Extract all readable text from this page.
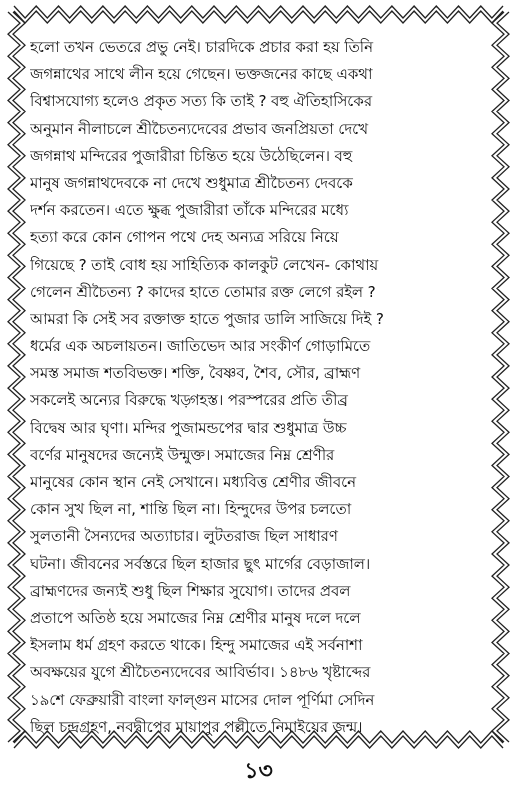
হলো তখন ভেতরে প্রভু নেই। চারদিকে প্রচার করা হয় তিনি
জগন্নাথের সাথে লীন হয়ে গেছেন। ভক্তজনের কাছে একথা
বিশ্বাসযোগ্য হলেও প্রকৃত সত্য কি তাই ? বহু ঐতিহাসিকের
অনুমান নীলাচলে শ্রীচৈতন্যদেবের প্রভাব জনপ্রিয়তা দেখে
জগন্নাথ মন্দিরের পুজারীরা চিন্তিত হয়ে উঠেছিলেন। বহু
মানুষ জগন্নাথদেবকে না দেখে শুধুমাত্র শ্রীচৈতন্য দেবকে
দর্শন করতেন। এতে ক্ষুব্ধ পুজারীরা তাঁকে মন্দিরের মধ্যে
হত্যা করে কোন গোপন পথে দেহ অন্যত্র সরিয়ে নিয়ে
গিয়েছে ? তাই বোধ হয় সাহিত্যিক কালকুট লেখেন- কোথায়
গেলেন শ্রীচৈতন্য ? কাদের হাতে তোমার রক্ত লেগে রইল ?
আমরা কি সেই সব রক্তাক্ত হাতে পুজার ডালি সাজিয়ে দিই ?
ধর্মের এক অচলায়তন। জাতিভেদ আর সংকীর্ণ গোড়ামিতে
সমস্ত সমাজ শতবিভক্ত। শক্তি, বৈষ্ণব, শৈব, সৌর, ব্রাহ্মণ
সকলেই অন্যের বিরুদ্ধে খড়্গহস্ত। পরস্পরের প্রতি তীব্র
বিদ্বেষ আর ঘৃণা। মন্দির পুজামন্ডপের দ্বার শুধুমাত্র উচ্চ
বর্ণের মানুষদের জন্যেই উন্মুক্ত। সমাজের নিম্ন শ্রেণীর
মানুষের কোন স্থান নেই সেখানে। মধ্যবিত্ত শ্রেণীর জীবনে
কোন সুখ ছিল না, শান্তি ছিল না। হিন্দুদের উপর চলতো
সুলতানী সৈন্যদের অত্যাচার। লুটতরাজ ছিল সাধারণ
ঘটনা। জীবনের সর্বস্তরে ছিল হাজার ছুৎ মার্গের বেড়াজাল।
ব্রাহ্মণদের জন্যই শুধু ছিল শিক্ষার সুযোগ। তাদের প্রবল
প্রতাপে অতিষ্ঠ হয়ে সমাজের নিম্ন শ্রেণীর মানুষ দলে দলে
ইসলাম ধর্ম গ্রহণ করতে থাকে। হিন্দু সমাজের এই সর্বনাশা
অবক্ষয়ের যুগে শ্রীচৈতন্যদেবের আবির্ভাব। ১৪৮৬ খৃষ্টাব্দের
১৯শে ফেব্রুয়ারী বাংলা ফাল্গুন মাসের দোল পূর্ণিমা সেদিন
ছিল চন্দ্রগ্রহণ, নবদ্বীপের মায়াপুর পল্লীতে নিমাইয়ের জন্ম।
১৩
